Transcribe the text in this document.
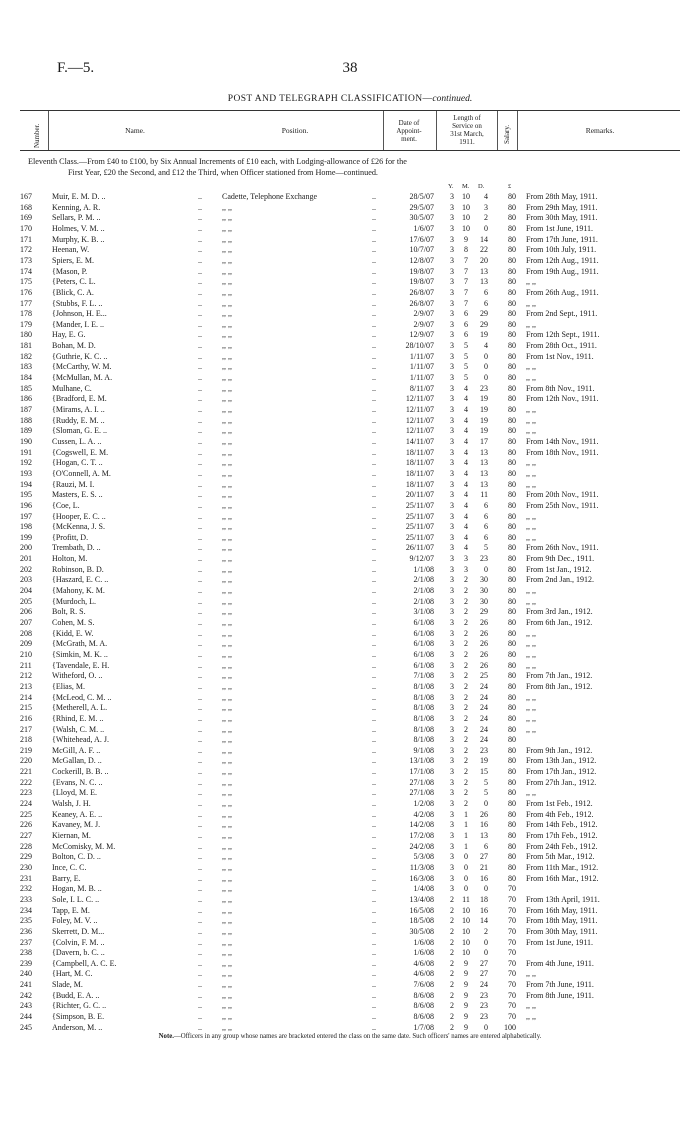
F.—5.	38
POST AND TELEGRAPH CLASSIFICATION—continued.
Number.	Name.	Position.
Date of
Appoint-
ment.
Length of
Service on
31st March,
1911.	Salary.	Remarks.
Eleventh Class.—From £40 to £100, by Six Annual Increments of £10 each, with Lodging-allowance of £26 for the
First Year, £20 the Second, and £12 the Third, when Officer stationed from Home—continued.
Y. M. D.	£
167	Muir, E. M. D. ..	Cadette, Telephone Exchange	28/5/07 3 10	4	80 From 28th May, 1911.
..	..
168	Kenning, A. R.	,, ,,	29/5/07 3 10	3	80 From 29th May, 1911.
..	..
169	Sellars, P. M. ..	,, ,,	30/5/07 3 10	2	80 From 30th May, 1911.
..	..
170	Holmes, V. M. ..	,, ,,	1/6/07 3 10	0	80 From 1st June, 1911.
..	..
171	Murphy, K. B. ..	,, ,,	17/6/07 3	9	14	80 From 17th June, 1911.
..	..
172	Heenan, W.	,, ,,	10/7/07 3	8	22	80 From 10th July, 1911.
..	..
173	Spiers, E. M.	,, ,,	12/8/07 3	7	20	80 From 12th Aug., 1911.
..	..
174	{Mason, P.	,, ,,	19/8/07 3	7	13	80 From 19th Aug., 1911.
..	..
175	{Peters, C. L.	,, ,,	19/8/07 3	7	13	80 ,, ,,
..	..
176	{Blick, C. A.	,, ,,	26/8/07 3	7	6	80 From 26th Aug., 1911.
..	..
177	{Stubbs, F. L. ..	,, ,,	26/8/07 3	7	6	80 ,, ,,
..	..
178	{Johnson, H. E...	,, ,,	2/9/07 3	6	29	80 From 2nd Sept., 1911.
..	..
179	{Mander, I. E. ..	,, ,,	2/9/07 3	6	29	80 ,, ,,
..	..
180	Hay, E. G.	,, ,,	12/9/07 3	6	19	80 From 12th Sept., 1911.
..	..
181	Bohan, M. D.	,, ,,	28/10/07 3	5	4	80 From 28th Oct., 1911.
..	..
182	{Guthrie, K. C. ..	,, ,,	1/11/07 3	5	0	80 From 1st Nov., 1911.
..	..
183	{McCarthy, W. M.	,, ,,	1/11/07 3	5	0	80 ,, ,,
..	..
184	{McMullan, M. A.	,, ,,	1/11/07 3	5	0	80 ,, ,,
..	..
185	Mulhane, C.	,, ,,	8/11/07 3	4	23	80 From 8th Nov., 1911.
..	..
186	{Bradford, E. M.	,, ,,	12/11/07 3	4	19	80 From 12th Nov., 1911.
..	..
187	{Mirams, A. I. ..	,, ,,	12/11/07 3	4	19	80 ,, ,,
..	..
188	{Ruddy, E. M. ..	,, ,,	12/11/07 3	4	19	80 ,, ,,
..	..
189	{Sloman, G. E. ..	,, ,,	12/11/07 3	4	19	80 ,, ,,
..	..
190	Cussen, L. A. ..	,, ,,	14/11/07 3	4	17	80 From 14th Nov., 1911.
..	..
191	{Cogswell, E. M.	,, ,,	18/11/07 3	4	13	80 From 18th Nov., 1911.
..	..
192	{Hogan, C. T. ..	,, ,,	18/11/07 3	4	13	80 ,, ,,
..	..
193	{O'Connell, A. M.	,, ,,	18/11/07 3	4	13	80 ,, ,,
..	..
194	{Rauzi, M. I.	,, ,,	18/11/07 3	4	13	80 ,, ,,
..	..
195	Masters, E. S. ..	,, ,,	20/11/07 3	4	11	80 From 20th Nov., 1911.
..	..
196	{Coe, L.	,, ,,	25/11/07 3	4	6	80 From 25th Nov., 1911.
..	..
197	{Hooper, E. C. ..	,, ,,	25/11/07 3	4	6	80 ,, ,,
..	..
198	{McKenna, J. S.	,, ,,	25/11/07 3	4	6	80 ,, ,,
..	..
199	{Profitt, D.	,, ,,	25/11/07 3	4	6	80 ,, ,,
..	..
200	Trembath, D. ..	,, ,,	26/11/07 3	4	5	80 From 26th Nov., 1911.
..	..
201	Holton, M.	,, ,,	9/12/07 3	3	23	80 From 9th Dec., 1911.
..	..
202	Robinson, B. D.	,, ,,	1/1/08 3	3	0	80 From 1st Jan., 1912.
..	..
203	{Haszard, E. C. ..	,, ,,	2/1/08 3	2	30	80 From 2nd Jan., 1912.
..	..
204	{Mahony, K. M.	,, ,,	2/1/08 3	2	30	80 ,, ,,
..	..
205	{Murdoch, L.	,, ,,	2/1/08 3	2	30	80 ,, ,,
..	..
206	Bolt, R. S.	,, ,,	3/1/08 3	2	29	80 From 3rd Jan., 1912.
..	..
207	Cohen, M. S.	,, ,,	6/1/08 3	2	26	80 From 6th Jan., 1912.
..	..
208	{Kidd, E. W.	,, ,,	6/1/08 3	2	26	80 ,, ,,
..	..
209	{McGrath, M. A.	,, ,,	6/1/08 3	2	26	80 ,, ,,
..	..
210	{Simkin, M. K. ..	,, ,,	6/1/08 3	2	26	80 ,, ,,
..	..
211	{Tavendale, E. H.	,, ,,	6/1/08 3	2	26	80 ,, ,,
..	..
212	Witheford, O. ..	,, ,,	7/1/08 3	2	25	80 From 7th Jan., 1912.
..	..
213	{Elias, M.	,, ,,	8/1/08 3	2	24	80 From 8th Jan., 1912.
..	..
214	{McLeod, C. M. ..	,, ,,	8/1/08 3	2	24	80 ,, ,,
..	..
215	{Metherell, A. L.	,, ,,	8/1/08 3	2	24	80 ,, ,,
..	..
216	{Rhind, E. M. ..	,, ,,	8/1/08 3	2	24	80 ,, ,,
..	..
217	{Walsh, C. M. ..	,, ,,	8/1/08 3	2	24	80 ,, ,,
..	..
218	{Whitehead, A. J.	,, ,,	8/1/08 3	2	24	80
..	..
219	McGill, A. F. ..	,, ,,	9/1/08 3	2	23	80 From 9th Jan., 1912.
..	..
220	McGallan, D. ..	,, ,,	13/1/08 3	2	19	80 From 13th Jan., 1912.
..	..
221	Cockerill, B. B. ..	,, ,,	17/1/08 3	2	15	80 From 17th Jan., 1912.
..	..
222	{Evans, N. C. ..	,, ,,	27/1/08 3	2	5	80 From 27th Jan., 1912.
..	..
223	{Lloyd, M. E.	,, ,,	27/1/08 3	2	5	80 ,, ,,
..	..
224	Walsh, J. H.	,, ,,	1/2/08 3	2	0	80 From 1st Feb., 1912.
..	..
225	Keaney, A. E. ..	,, ,,	4/2/08 3	1	26	80 From 4th Feb., 1912.
..	..
226	Kavaney, M. J.	,, ,,	14/2/08 3	1	16	80 From 14th Feb., 1912.
..	..
227	Kiernan, M.	,, ,,	17/2/08 3	1	13	80 From 17th Feb., 1912.
..	..
228	McComisky, M. M.	,, ,,	24/2/08 3	1	6	80 From 24th Feb., 1912.
..	..
229	Bolton, C. D. ..	,, ,,	5/3/08 3	0	27	80 From 5th Mar., 1912.
..	..
230	Ince, C. C.	,, ,,	11/3/08 3	0	21	80 From 11th Mar., 1912.
..	..
231	Barry, E.	,, ,,	16/3/08 3	0	16	80 From 16th Mar., 1912.
..	..
232	Hogan, M. B. ..	,, ,,	1/4/08 3	0	0	70
..	..
233	Sole, I. L. C. ..	,, ,,	13/4/08 2 11	18	70 From 13th April, 1911.
..	..
234	Tapp, E. M.	,, ,,	16/5/08 2 10	16	70 From 16th May, 1911.
..	..
235	Foley, M. V. ..	,, ,,	18/5/08 2 10	14	70 From 18th May, 1911.
..	..
236	Skerrett, D. M...	,, ,,	30/5/08 2 10	2	70 From 30th May, 1911.
..	..
237	{Colvin, F. M. ..	,, ,,	1/6/08 2 10	0	70 From 1st June, 1911.
..	..
238	{Davern, b. C. ..	,, ,,	1/6/08 2 10	0	70
..	..
239	{Campbell, A. C. E.	,, ,,	4/6/08 2	9	27	70 From 4th June, 1911.
..	..
240	{Hart, M. C.	,, ,,	4/6/08 2	9	27	70 ,, ,,
..	..
241	Slade, M.	,, ,,	7/6/08 2	9	24	70 From 7th June, 1911.
..	..
242	{Budd, E. A. ..	,, ,,	8/6/08 2	9	23	70 From 8th June, 1911.
..	..
243	{Richter, G. C. ..	,, ,,	8/6/08 2	9	23	70 ,, ,,
..	..
244	{Simpson, B. E.	,, ,,	8/6/08 2	9	23	70 ,, ,,
..	..
245	Anderson, M. ..	,, ,,	1/7/08 2	9	0	100
..	..
Note.—Officers in any group whose names are bracketed entered the class on the same date. Such officers' names are entered alphabetically.
